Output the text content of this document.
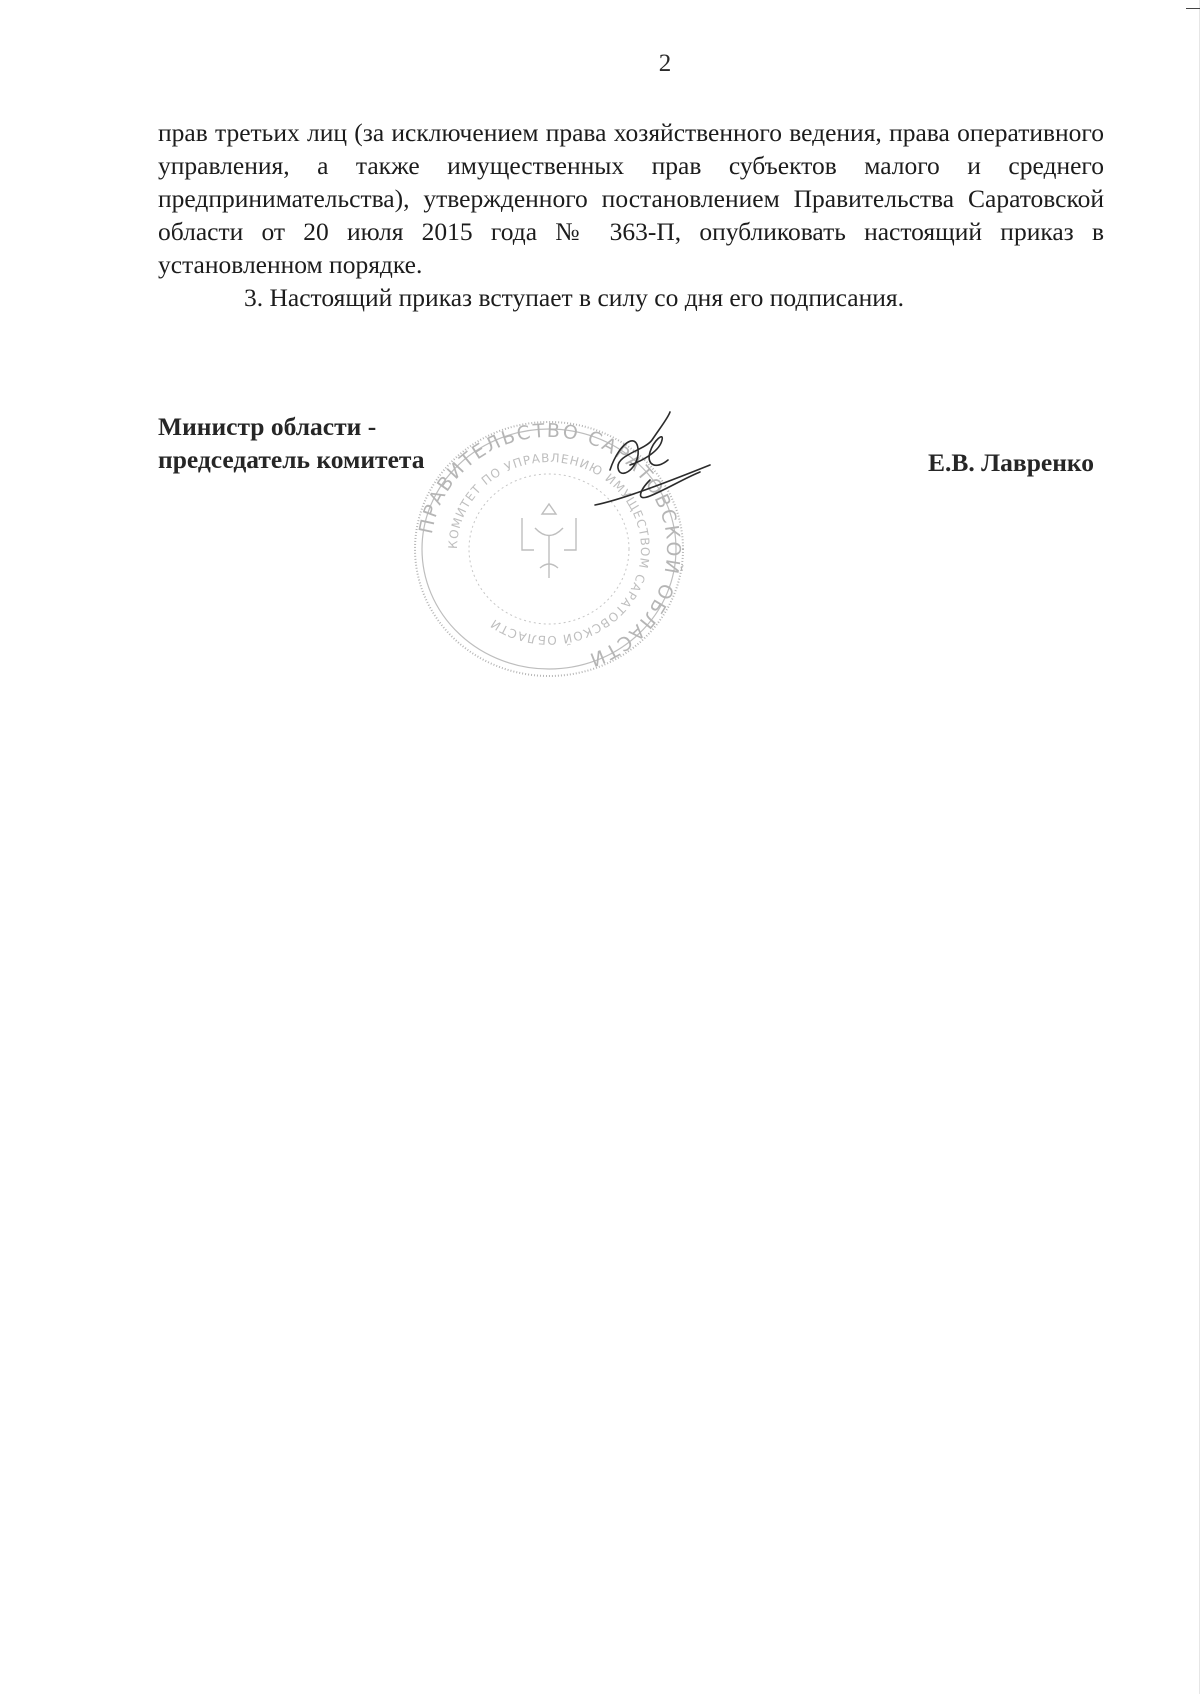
2

прав третьих лиц (за исключением права хозяйственного ведения, права оперативного управления, а также имущественных прав субъектов малого и среднего предпринимательства), утвержденного постановлением Правительства Саратовской области от 20 июля 2015 года № 363-П, опубликовать настоящий приказ в установленном порядке.

3. Настоящий приказ вступает в силу со дня его подписания.

ПРАВИТЕЛЬСТВО САРАТОВСКОЙ ОБЛАСТИ
КОМИТЕТ ПО УПРАВЛЕНИЮ ИМУЩЕСТВОМ САРАТОВСКОЙ ОБЛАСТИ
Министр области -
председатель комитета	Е.В. Лавренко
